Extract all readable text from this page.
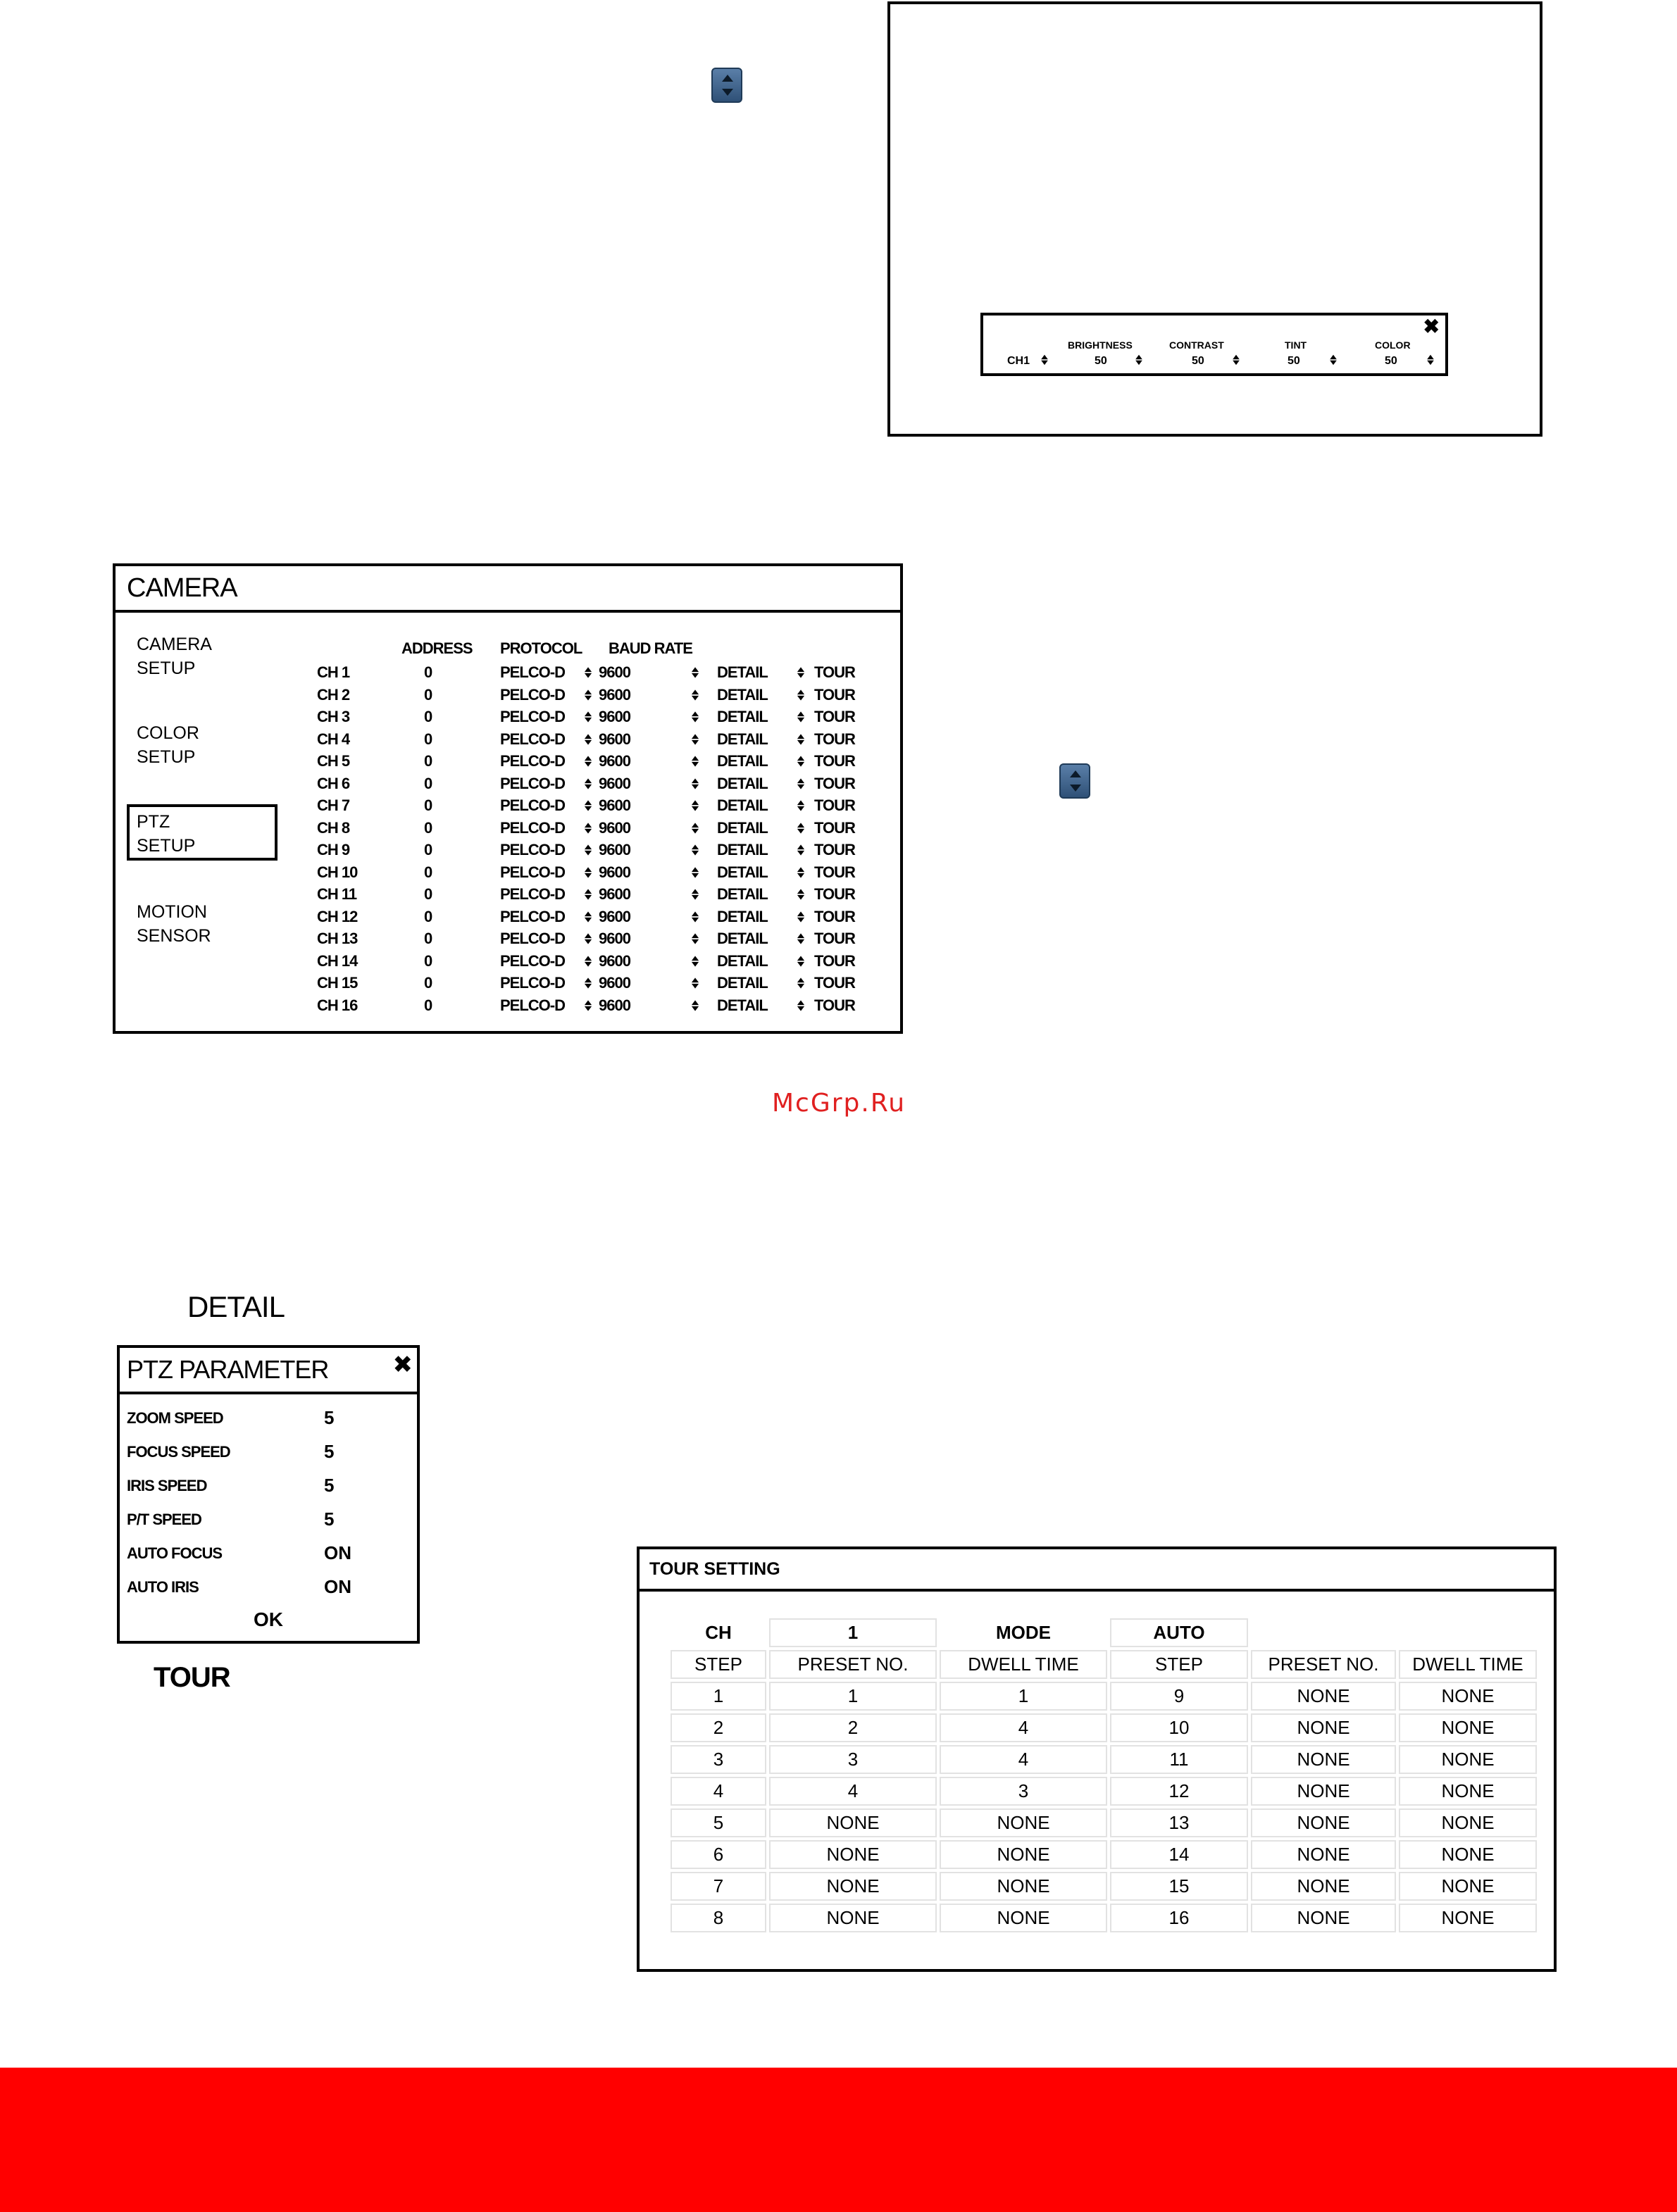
✖
CH1
BRIGHTNESS
50
CONTRAST
50
TINT
50
COLOR
50
CAMERA
CAMERA
SETUP
COLOR
SETUP
PTZ
SETUP
MOTION
SENSOR
ADDRESS PROTOCOL BAUD RATE
CH 1	0	PELCO-D 9600	DETAIL	TOUR
CH 2	0	PELCO-D 9600	DETAIL	TOUR
CH 3	0	PELCO-D 9600	DETAIL	TOUR
CH 4	0	PELCO-D 9600	DETAIL	TOUR
CH 5	0	PELCO-D 9600	DETAIL	TOUR
CH 6	0	PELCO-D 9600	DETAIL	TOUR
CH 7	0	PELCO-D 9600	DETAIL	TOUR
CH 8	0	PELCO-D 9600	DETAIL	TOUR
CH 9	0	PELCO-D 9600	DETAIL	TOUR
CH 10	0	PELCO-D 9600	DETAIL	TOUR
CH 11	0	PELCO-D 9600	DETAIL	TOUR
CH 12	0	PELCO-D 9600	DETAIL	TOUR
CH 13	0	PELCO-D 9600	DETAIL	TOUR
CH 14	0	PELCO-D 9600	DETAIL	TOUR
CH 15	0	PELCO-D 9600	DETAIL	TOUR
CH 16	0	PELCO-D 9600	DETAIL	TOUR
McGrp.Ru
DETAIL
PTZ PARAMETER	✖
ZOOM SPEED	5
FOCUS SPEED	5
IRIS SPEED	5
P/T SPEED	5
AUTO FOCUS	ON
AUTO IRIS	ON
OK
TOUR
TOUR SETTING
CH	1	MODE	AUTO		
STEP	PRESET NO.	DWELL TIME	STEP	PRESET NO.	DWELL TIME
1	1	1	9	NONE	NONE
2	2	4	10	NONE	NONE
3	3	4	11	NONE	NONE
4	4	3	12	NONE	NONE
5	NONE	NONE	13	NONE	NONE
6	NONE	NONE	14	NONE	NONE
7	NONE	NONE	15	NONE	NONE
8	NONE	NONE	16	NONE	NONE
